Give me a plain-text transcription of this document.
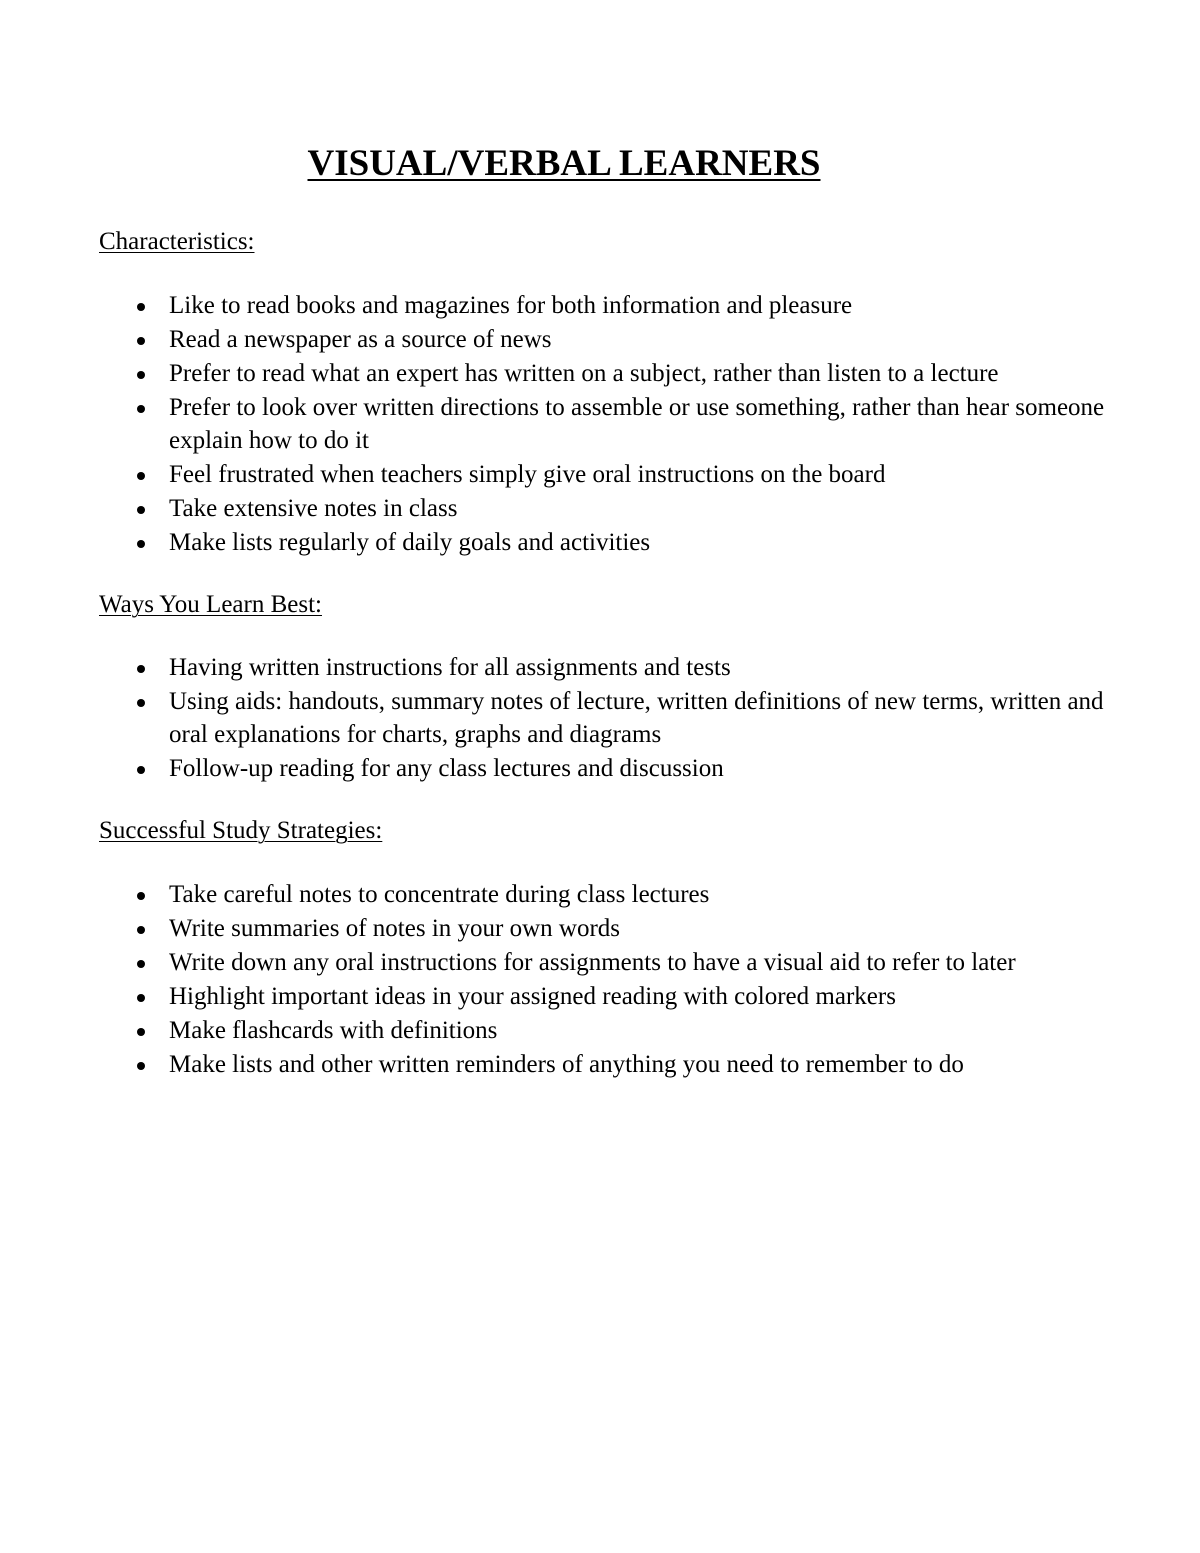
VISUAL/VERBAL LEARNERS
Characteristics:
Like to read books and magazines for both information and pleasure
Read a newspaper as a source of news
Prefer to read what an expert has written on a subject, rather than listen to a lecture
Prefer to look over written directions to assemble or use something, rather than hear someone explain how to do it
Feel frustrated when teachers simply give oral instructions on the board
Take extensive notes in class
Make lists regularly of daily goals and activities
Ways You Learn Best:
Having written instructions for all assignments and tests
Using aids: handouts, summary notes of lecture, written definitions of new terms, written and oral explanations for charts, graphs and diagrams
Follow-up reading for any class lectures and discussion
Successful Study Strategies:
Take careful notes to concentrate during class lectures
Write summaries of notes in your own words
Write down any oral instructions for assignments to have a visual aid to refer to later
Highlight important ideas in your assigned reading with colored markers
Make flashcards with definitions
Make lists and other written reminders of anything you need to remember to do
